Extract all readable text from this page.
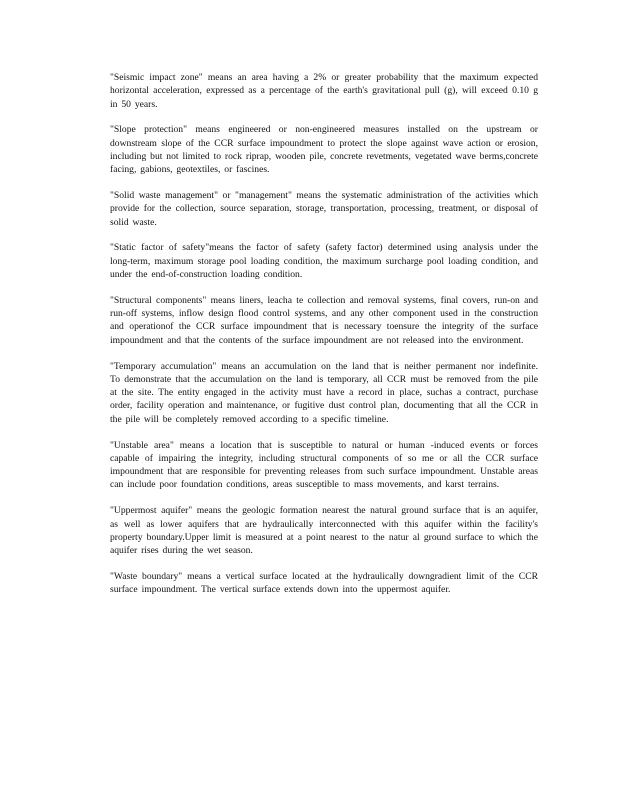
"Seismic impact zone" means an area having a 2% or greater probability that the maximum expected horizontal acceleration, expressed as a percentage of the earth's gravitational pull (g), will exceed 0.10 g in 50 years.

"Slope protection" means engineered or non-engineered measures installed on the upstream or downstream slope of the CCR surface impoundment to protect the slope against wave action or erosion, including but not limited to rock riprap, wooden pile, concrete revetments, vegetated wave berms,concrete facing, gabions, geotextiles, or fascines.

"Solid waste management" or "management" means the systematic administration of the activities which provide for the collection, source separation, storage, transportation, processing, treatment, or disposal of solid waste.

"Static factor of safety"means the factor of safety (safety factor) determined using analysis under the long-term, maximum storage pool loading condition, the maximum surcharge pool loading condition, and under the end-of-construction loading condition.

"Structural components" means liners, leacha te collection and removal systems, final covers, run-on and run-off systems, inflow design flood control systems, and any other component used in the construction and operationof the CCR surface impoundment that is necessary toensure the integrity of the surface impoundment and that the contents of the surface impoundment are not released into the environment.

"Temporary accumulation" means an accumulation on the land that is neither permanent nor indefinite. To demonstrate that the accumulation on the land is temporary, all CCR must be removed from the pile at the site. The entity engaged in the activity must have a record in place, suchas a contract, purchase order, facility operation and maintenance, or fugitive dust control plan, documenting that all the CCR in the pile will be completely removed according to a specific timeline.

"Unstable area" means a location that is susceptible to natural or human -induced events or forces capable of impairing the integrity, including structural components of so me or all the CCR surface impoundment that are responsible for preventing releases from such surface impoundment. Unstable areas can include poor foundation conditions, areas susceptible to mass movements, and karst terrains.

"Uppermost aquifer" means the geologic formation nearest the natural ground surface that is an aquifer, as well as lower aquifers that are hydraulically interconnected with this aquifer within the facility's property boundary.Upper limit is measured at a point nearest to the natur al ground surface to which the aquifer rises during the wet season.

"Waste boundary" means a vertical surface located at the hydraulically downgradient limit of the CCR surface impoundment. The vertical surface extends down into the uppermost aquifer.
